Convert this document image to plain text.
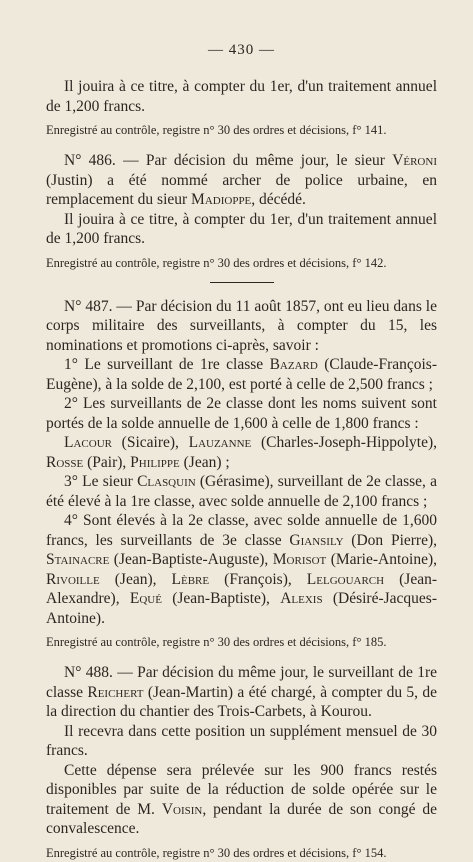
— 430 —

Il jouira à ce titre, à compter du 1er, d'un traitement annuel de 1,200 francs.

Enregistré au contrôle, registre n° 30 des ordres et décisions, f° 141.

N° 486. — Par décision du même jour, le sieur Véroni (Justin) a été nommé archer de police urbaine, en remplacement du sieur Madioppe, décédé.

Il jouira à ce titre, à compter du 1er, d'un traitement annuel de 1,200 francs.

Enregistré au contrôle, registre n° 30 des ordres et décisions, f° 142.

N° 487. — Par décision du 11 août 1857, ont eu lieu dans le corps militaire des surveillants, à compter du 15, les nominations et promotions ci-après, savoir :

1° Le surveillant de 1re classe Bazard (Claude-François-Eugène), à la solde de 2,100, est porté à celle de 2,500 francs ;

2° Les surveillants de 2e classe dont les noms suivent sont portés de la solde annuelle de 1,600 à celle de 1,800 francs :

Lacour (Sicaire), Lauzanne (Charles-Joseph-Hippolyte), Rosse (Pair), Philippe (Jean) ;

3° Le sieur Clasquin (Gérasime), surveillant de 2e classe, a été élevé à la 1re classe, avec solde annuelle de 2,100 francs ;

4° Sont élevés à la 2e classe, avec solde annuelle de 1,600 francs, les surveillants de 3e classe Giansily (Don Pierre), Stainacre (Jean-Baptiste-Auguste), Morisot (Marie-Antoine), Rivoille (Jean), Lèbre (François), Lelgouarch (Jean-Alexandre), Equé (Jean-Baptiste), Alexis (Désiré-Jacques-Antoine).

Enregistré au contrôle, registre n° 30 des ordres et décisions, f° 185.

N° 488. — Par décision du même jour, le surveillant de 1re classe Reichert (Jean-Martin) a été chargé, à compter du 5, de la direction du chantier des Trois-Carbets, à Kourou.

Il recevra dans cette position un supplément mensuel de 30 francs.

Cette dépense sera prélevée sur les 900 francs restés disponibles par suite de la réduction de solde opérée sur le traitement de M. Voisin, pendant la durée de son congé de convalescence.

Enregistré au contrôle, registre n° 30 des ordres et décisions, f° 154.
